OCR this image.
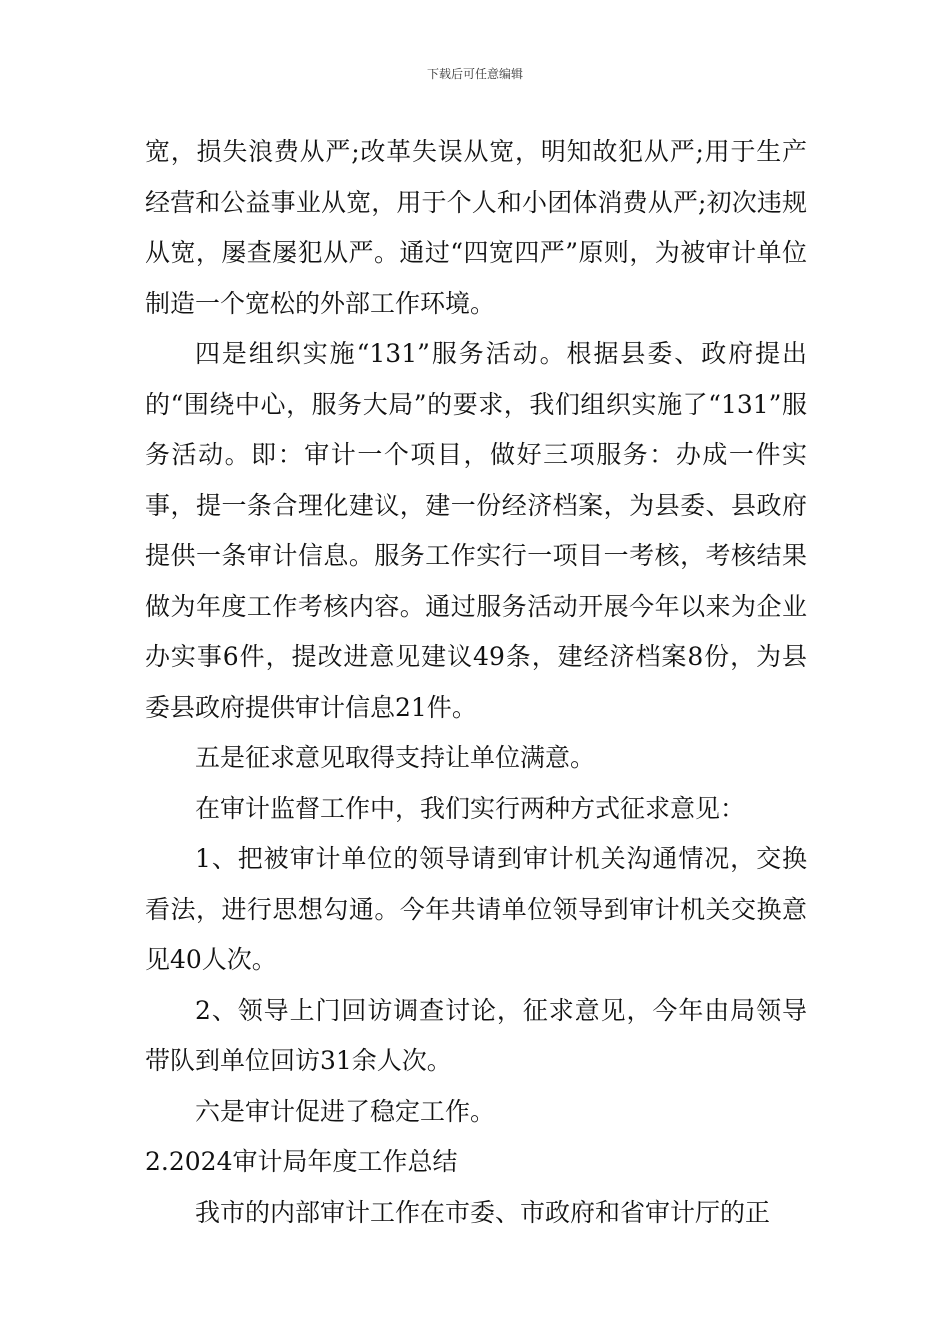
下载后可任意编辑

宽，损失浪费从严;改革失误从宽，明知故犯从严;用于生产经营和公益事业从宽，用于个人和小团体消费从严;初次违规从宽，屡查屡犯从严。通过“四宽四严”原则，为被审计单位制造一个宽松的外部工作环境。

四是组织实施“131”服务活动。根据县委、政府提出的“围绕中心，服务大局”的要求，我们组织实施了“131”服务活动。即：审计一个项目，做好三项服务：办成一件实事，提一条合理化建议，建一份经济档案，为县委、县政府提供一条审计信息。服务工作实行一项目一考核，考核结果做为年度工作考核内容。通过服务活动开展今年以来为企业办实事6件，提改进意见建议49条，建经济档案8份，为县委县政府提供审计信息21件。

五是征求意见取得支持让单位满意。

在审计监督工作中，我们实行两种方式征求意见：

1、把被审计单位的领导请到审计机关沟通情况，交换看法，进行思想勾通。今年共请单位领导到审计机关交换意见40人次。

2、领导上门回访调查讨论，征求意见，今年由局领导带队到单位回访31余人次。

六是审计促进了稳定工作。

2.2024审计局年度工作总结

我市的内部审计工作在市委、市政府和省审计厅的正
